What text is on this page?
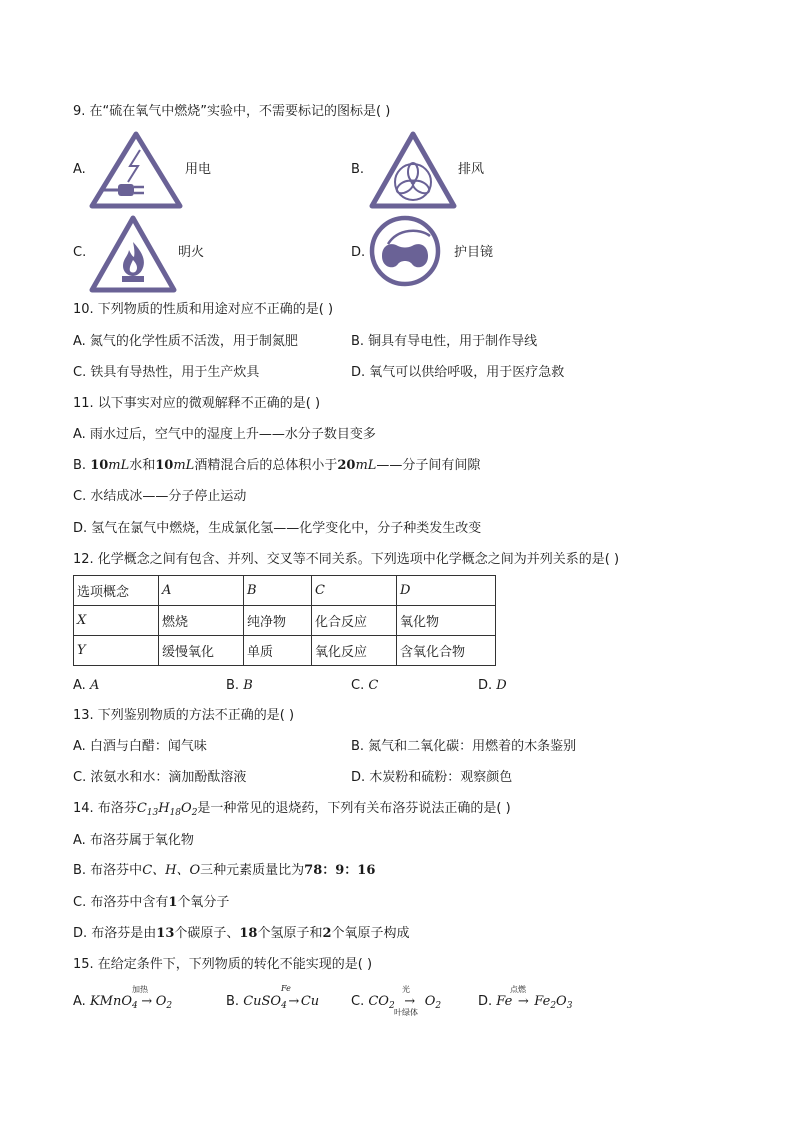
9. 在“硫在氧气中燃烧”实验中，不需要标记的图标是( )
A.	用电	B.	排风
C.	明火	D.	护目镜
10. 下列物质的性质和用途对应不正确的是( )
A. 氮气的化学性质不活泼，用于制氮肥	B. 铜具有导电性，用于制作导线
C. 铁具有导热性，用于生产炊具	D. 氧气可以供给呼吸，用于医疗急救
11. 以下事实对应的微观解释不正确的是( )
A. 雨水过后，空气中的湿度上升——水分子数目变多
B. 10mL水和10mL酒精混合后的总体积小于20mL——分子间有间隙
C. 水结成冰——分子停止运动
D. 氢气在氯气中燃烧，生成氯化氢——化学变化中，分子种类发生改变
12. 化学概念之间有包含、并列、交叉等不同关系。下列选项中化学概念之间为并列关系的是( )
选项概念	A	B	C	D
X	燃烧	纯净物	化合反应	氧化物
Y	缓慢氧化	单质	氧化反应	含氧化合物
A. A	B. B	C. C	D. D
13. 下列鉴别物质的方法不正确的是( )
A. 白酒与白醋：闻气味	B. 氮气和二氧化碳：用燃着的木条鉴别
C. 浓氨水和水：滴加酚酞溶液	D. 木炭粉和硫粉：观察颜色
14. 布洛芬$C_{13}H_{18}O_2$是一种常见的退烧药，下列有关布洛芬说法正确的是( )
A. 布洛芬属于氧化物
B. 布洛芬中C、H、O三种元素质量比为78：9：16
C. 布洛芬中含有1个氧分子
D. 布洛芬是由13个碳原子、18个氢原子和2个氧原子构成
15. 在给定条件下，下列物质的转化不能实现的是( )
A. KMnO$_4$ → $O_2$
加热
B. CuSO$_4$ → Cu
Fe
C. $CO_2 \to O_2$
光
叶绿体
D. $Fe \to Fe_2O_3$
点燃
